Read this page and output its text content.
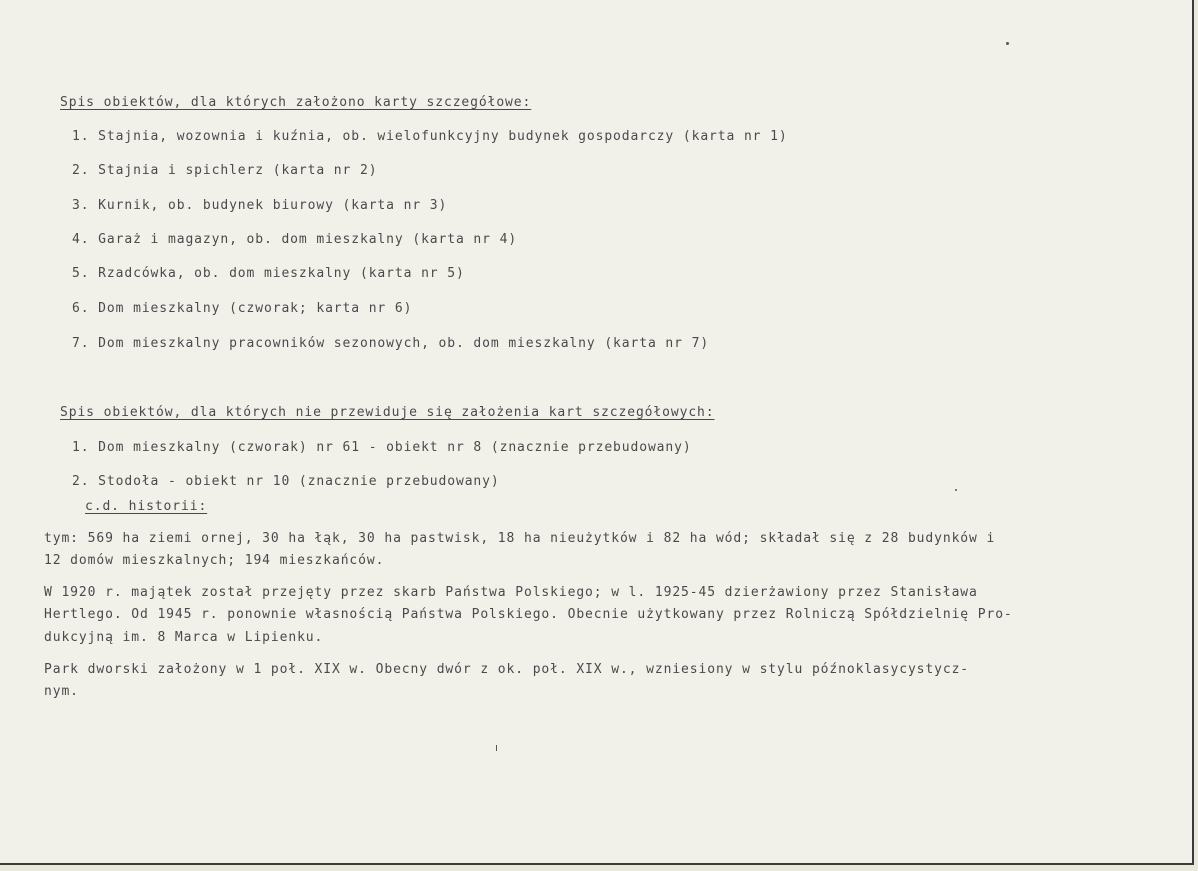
Spis obiektów, dla których założono karty szczegółowe:
1. Stajnia, wozownia i kuźnia, ob. wielofunkcyjny budynek gospodarczy (karta nr 1)
2. Stajnia i spichlerz (karta nr 2)
3. Kurnik, ob. budynek biurowy (karta nr 3)
4. Garaż i magazyn, ob. dom mieszkalny (karta nr 4)
5. Rzadcówka, ob. dom mieszkalny (karta nr 5)
6. Dom mieszkalny (czworak; karta nr 6)
7. Dom mieszkalny pracowników sezonowych, ob. dom mieszkalny (karta nr 7)
Spis obiektów, dla których nie przewiduje się założenia kart szczegółowych:
1. Dom mieszkalny (czworak) nr 61 - obiekt nr 8 (znacznie przebudowany)
2. Stodoła - obiekt nr 10 (znacznie przebudowany)
c.d. historii:
tym: 569 ha ziemi ornej, 30 ha łąk, 30 ha pastwisk, 18 ha nieużytków i 82 ha wód; składał się z 28 budynków i
12 domów mieszkalnych; 194 mieszkańców.
W 1920 r. majątek został przejęty przez skarb Państwa Polskiego; w l. 1925-45 dzierżawiony przez Stanisława
Hertlego. Od 1945 r. ponownie własnością Państwa Polskiego. Obecnie użytkowany przez Rolniczą Spółdzielnię Pro-
dukcyjną im. 8 Marca w Lipienku.
Park dworski założony w 1 poł. XIX w. Obecny dwór z ok. poł. XIX w., wzniesiony w stylu późnoklasycystycz-
nym.
